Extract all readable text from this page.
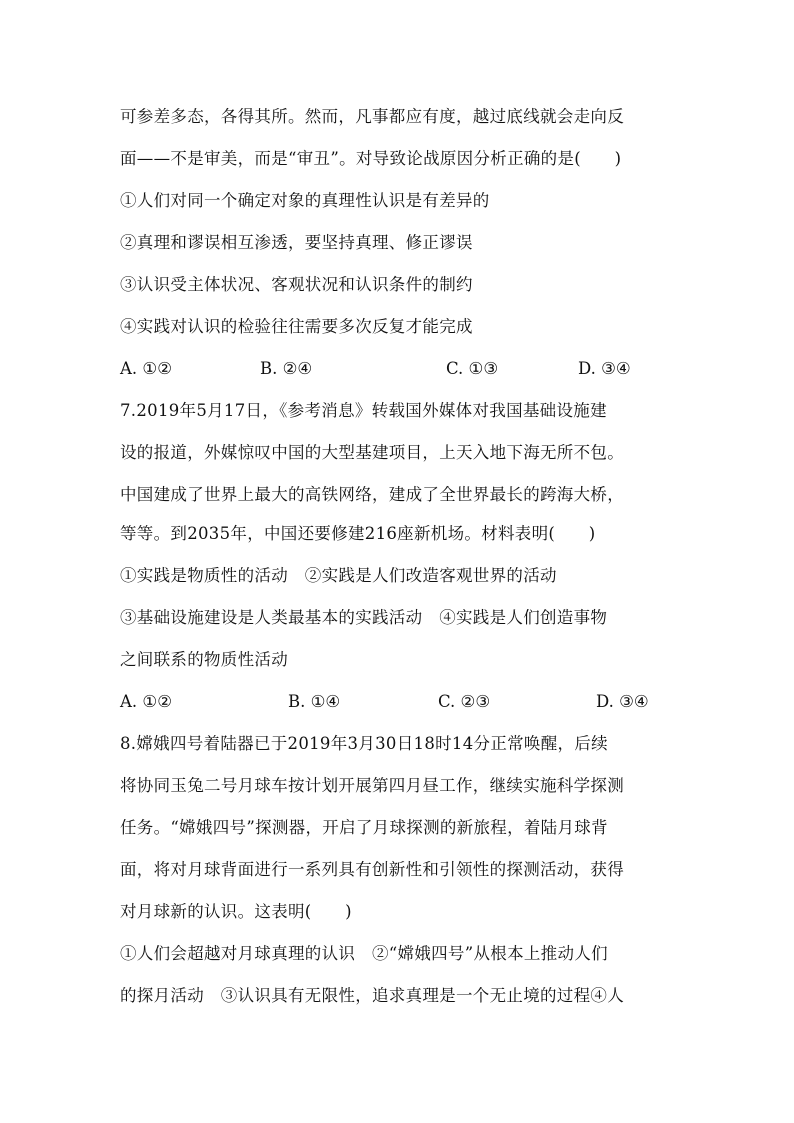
可参差多态，各得其所。然而，凡事都应有度，越过底线就会走向反
面——不是审美，而是“审丑”。对导致论战原因分析正确的是(　　)
①人们对同一个确定对象的真理性认识是有差异的
②真理和谬误相互渗透，要坚持真理、修正谬误
③认识受主体状况、客观状况和认识条件的制约
④实践对认识的检验往往需要多次反复才能完成
A. ①②	B. ②④	C. ①③	D. ③④
7.2019年5月17日，《参考消息》转载国外媒体对我国基础设施建
设的报道，外媒惊叹中国的大型基建项目，上天入地下海无所不包。
中国建成了世界上最大的高铁网络，建成了全世界最长的跨海大桥，
等等。到2035年，中国还要修建216座新机场。材料表明(　　)
①实践是物质性的活动　②实践是人们改造客观世界的活动
③基础设施建设是人类最基本的实践活动　④实践是人们创造事物
之间联系的物质性活动
A. ①②	B. ①④	C. ②③	D. ③④
8.嫦娥四号着陆器已于2019年3月30日18时14分正常唤醒，后续
将协同玉兔二号月球车按计划开展第四月昼工作，继续实施科学探测
任务。“嫦娥四号”探测器，开启了月球探测的新旅程，着陆月球背
面，将对月球背面进行一系列具有创新性和引领性的探测活动，获得
对月球新的认识。这表明(　　)
①人们会超越对月球真理的认识　②“嫦娥四号”从根本上推动人们
的探月活动　③认识具有无限性，追求真理是一个无止境的过程④人
